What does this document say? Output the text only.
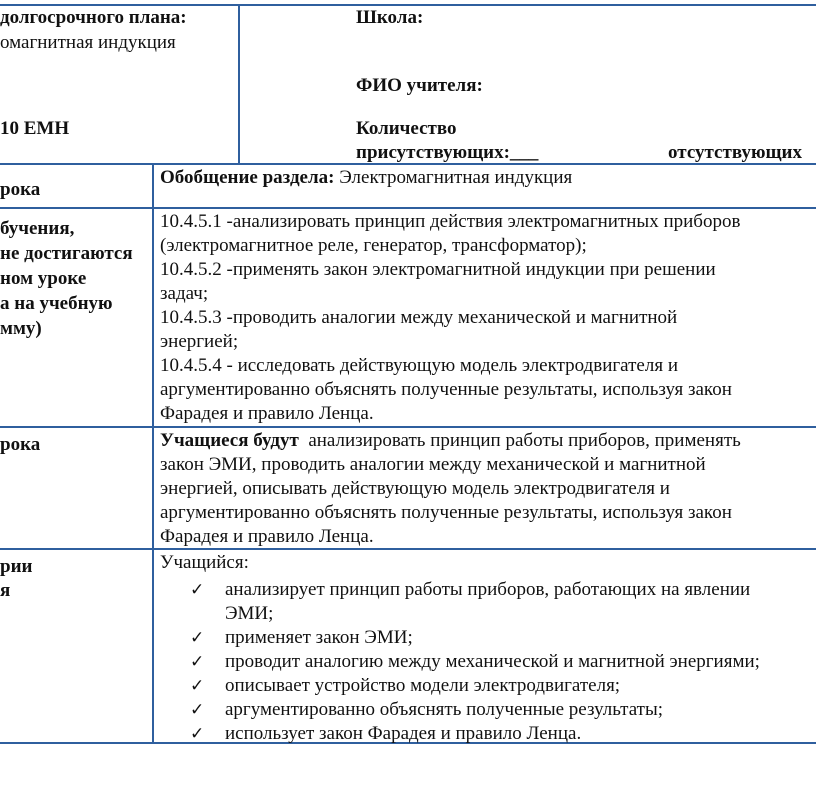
долгосрочного плана:
омагнитная индукция
10 ЕМН
Школа:
ФИО учителя:
Количество
присутствующих:___	отсутствующих
рока
Обобщение раздела: Электромагнитная индукция
бучения,
не достигаются
ном уроке
а на учебную
мму)
10.4.5.1 -анализировать принцип действия электромагнитных приборов
(электромагнитное реле, генератор, трансформатор);
10.4.5.2 -применять закон электромагнитной индукции при решении
задач;
10.4.5.3 -проводить аналогии между механической и магнитной
энергией;
10.4.5.4 - исследовать действующую модель электродвигателя и
аргументированно объяснять полученные результаты, используя закон
Фарадея и правило Ленца.
рока	Учащиеся будут  анализировать принцип работы приборов, применять
закон ЭМИ, проводить аналогии между механической и магнитной
энергией, описывать действующую модель электродвигателя и
аргументированно объяснять полученные результаты, используя закон
Фарадея и правило Ленца.
рии
я
Учащийся:
✓ анализирует принцип работы приборов, работающих на явлении
ЭМИ;
✓ применяет закон ЭМИ;
✓ проводит аналогию между механической и магнитной энергиями;
✓ описывает устройство модели электродвигателя;
✓ аргументированно объяснять полученные результаты;
✓ использует закон Фарадея и правило Ленца.
